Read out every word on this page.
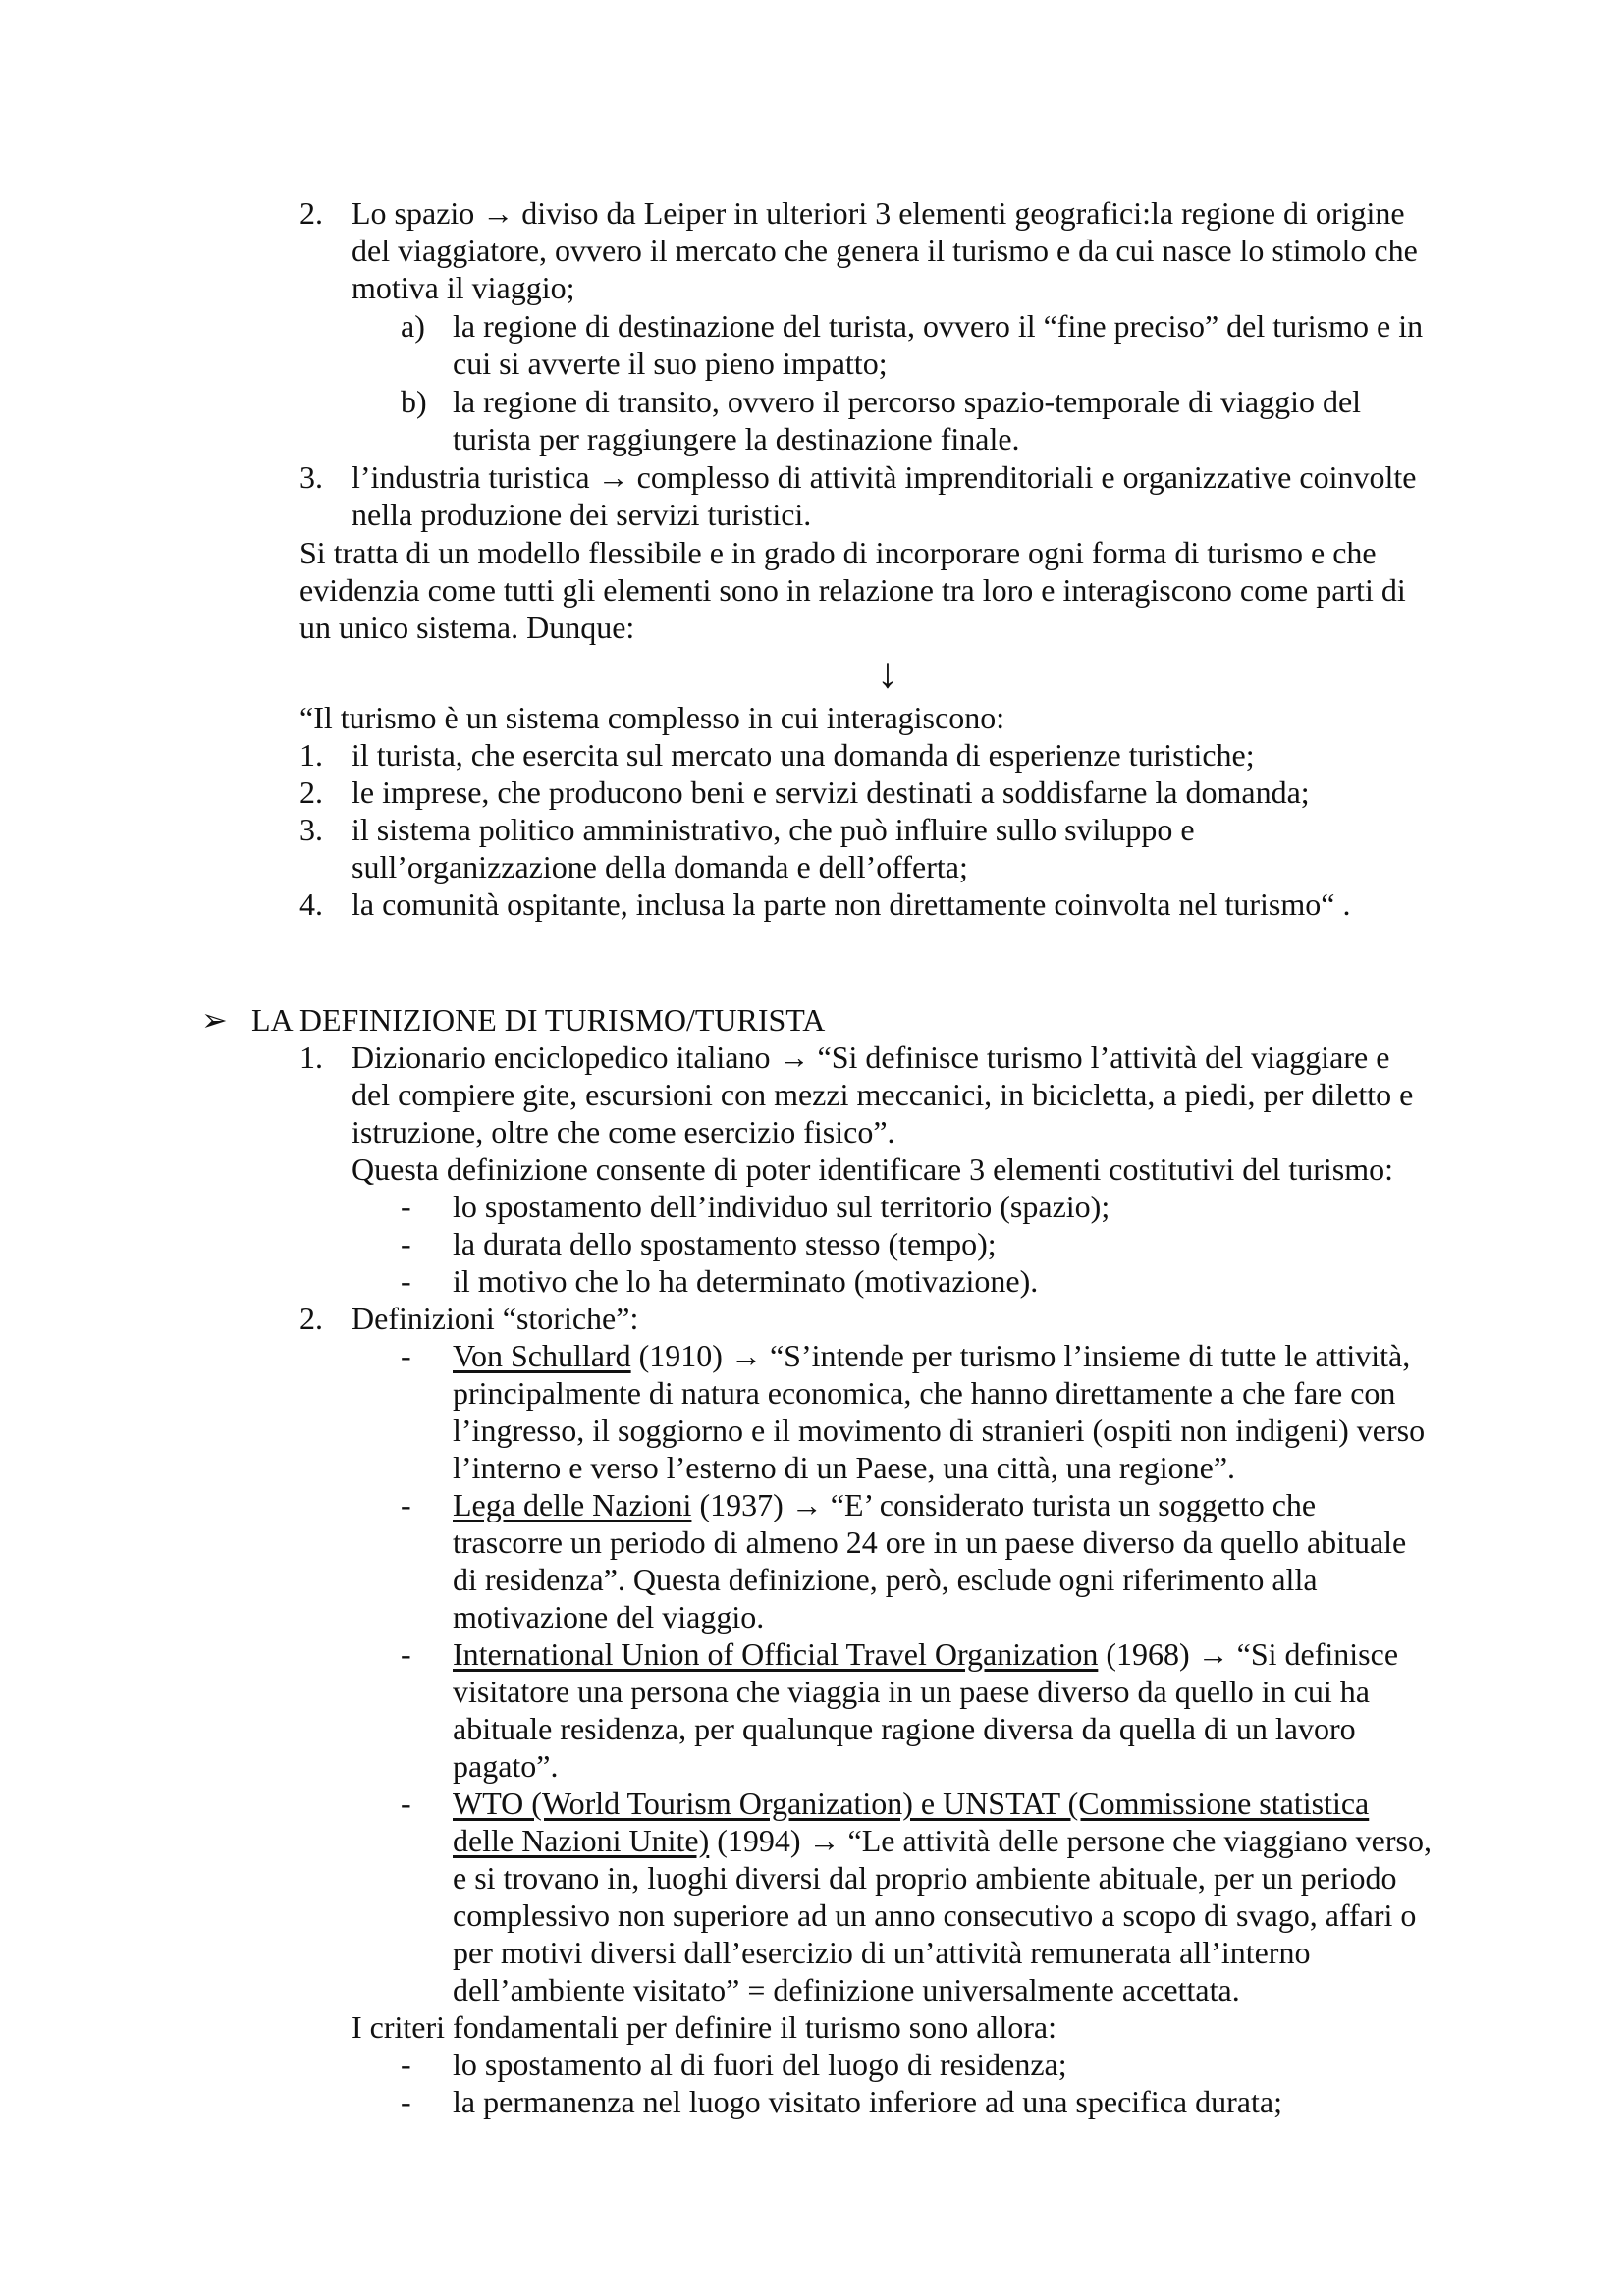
2. Lo spazio → diviso da Leiper in ulteriori 3 elementi geografici:la regione di origine
del viaggiatore, ovvero il mercato che genera il turismo e da cui nasce lo stimolo che
motiva il viaggio;
a) la regione di destinazione del turista, ovvero il “fine preciso” del turismo e in
cui si avverte il suo pieno impatto;
b) la regione di transito, ovvero il percorso spazio-temporale di viaggio del
turista per raggiungere la destinazione finale.
3. l’industria turistica → complesso di attività imprenditoriali e organizzative coinvolte
nella produzione dei servizi turistici.
Si tratta di un modello flessibile e in grado di incorporare ogni forma di turismo e che
evidenzia come tutti gli elementi sono in relazione tra loro e interagiscono come parti di
un unico sistema. Dunque:
↓
“Il turismo è un sistema complesso in cui interagiscono:
1. il turista, che esercita sul mercato una domanda di esperienze turistiche;
2. le imprese, che producono beni e servizi destinati a soddisfarne la domanda;
3. il sistema politico amministrativo, che può influire sullo sviluppo e
sull’organizzazione della domanda e dell’offerta;
4. la comunità ospitante, inclusa la parte non direttamente coinvolta nel turismo“ .
➢ LA DEFINIZIONE DI TURISMO/TURISTA
1. Dizionario enciclopedico italiano → “Si definisce turismo l’attività del viaggiare e
del compiere gite, escursioni con mezzi meccanici, in bicicletta, a piedi, per diletto e
istruzione, oltre che come esercizio fisico”.
Questa definizione consente di poter identificare 3 elementi costitutivi del turismo:
- lo spostamento dell’individuo sul territorio (spazio);
- la durata dello spostamento stesso (tempo);
- il motivo che lo ha determinato (motivazione).
2. Definizioni “storiche”:
- Von Schullard (1910) → “S’intende per turismo l’insieme di tutte le attività,
principalmente di natura economica, che hanno direttamente a che fare con
l’ingresso, il soggiorno e il movimento di stranieri (ospiti non indigeni) verso
l’interno e verso l’esterno di un Paese, una città, una regione”.
- Lega delle Nazioni (1937) → “E’ considerato turista un soggetto che
trascorre un periodo di almeno 24 ore in un paese diverso da quello abituale
di residenza”. Questa definizione, però, esclude ogni riferimento alla
motivazione del viaggio.
- International Union of Official Travel Organization (1968) → “Si definisce
visitatore una persona che viaggia in un paese diverso da quello in cui ha
abituale residenza, per qualunque ragione diversa da quella di un lavoro
pagato”.
- WTO (World Tourism Organization) e UNSTAT (Commissione statistica
delle Nazioni Unite) (1994) → “Le attività delle persone che viaggiano verso,
e si trovano in, luoghi diversi dal proprio ambiente abituale, per un periodo
complessivo non superiore ad un anno consecutivo a scopo di svago, affari o
per motivi diversi dall’esercizio di un’attività remunerata all’interno
dell’ambiente visitato” = definizione universalmente accettata.
I criteri fondamentali per definire il turismo sono allora:
- lo spostamento al di fuori del luogo di residenza;
- la permanenza nel luogo visitato inferiore ad una specifica durata;
